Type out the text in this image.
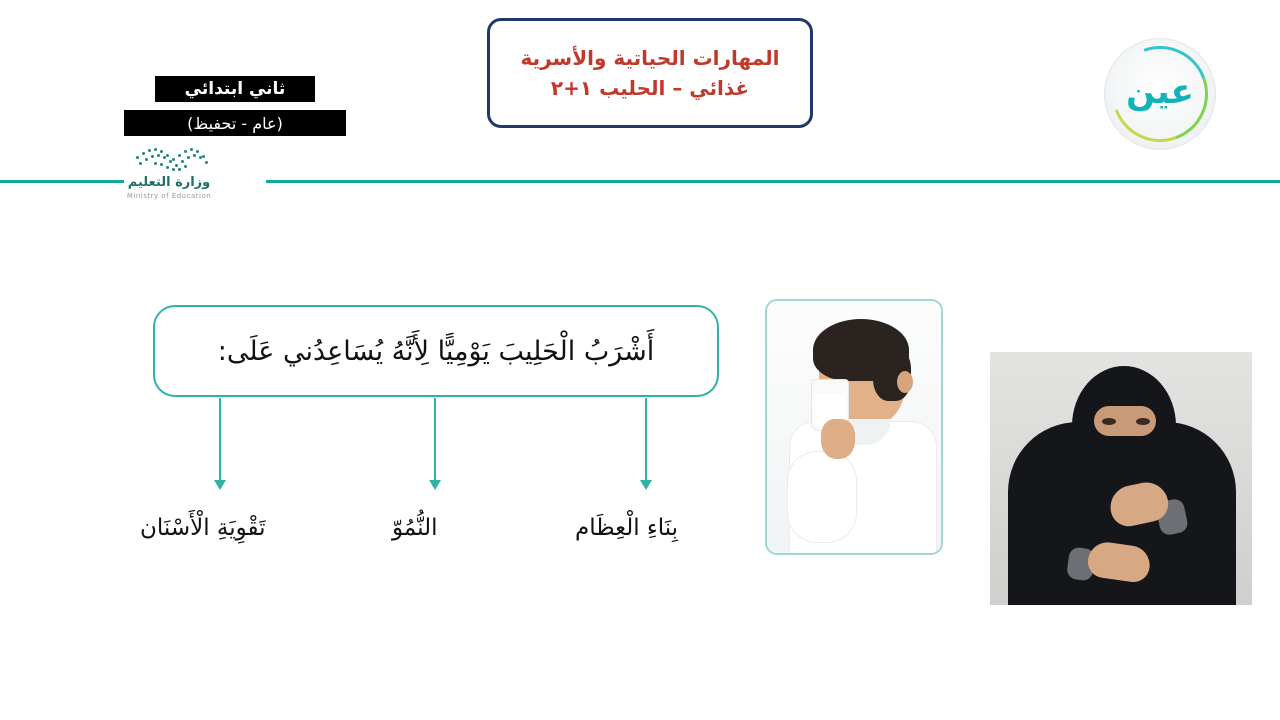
المهارات الحياتية والأسرية
غذائي – الحليب ١+٢
ثاني ابتدائي
(عام - تحفيظ)
وزارة التعليم
Ministry of Education
عين
أَشْرَبُ الْحَلِيبَ يَوْمِيًّا لِأَنَّهُ يُسَاعِدُني عَلَى:
بِنَاءِ الْعِظَام
النُّمُوّ
تَقْوِيَةِ الْأَسْنَان
